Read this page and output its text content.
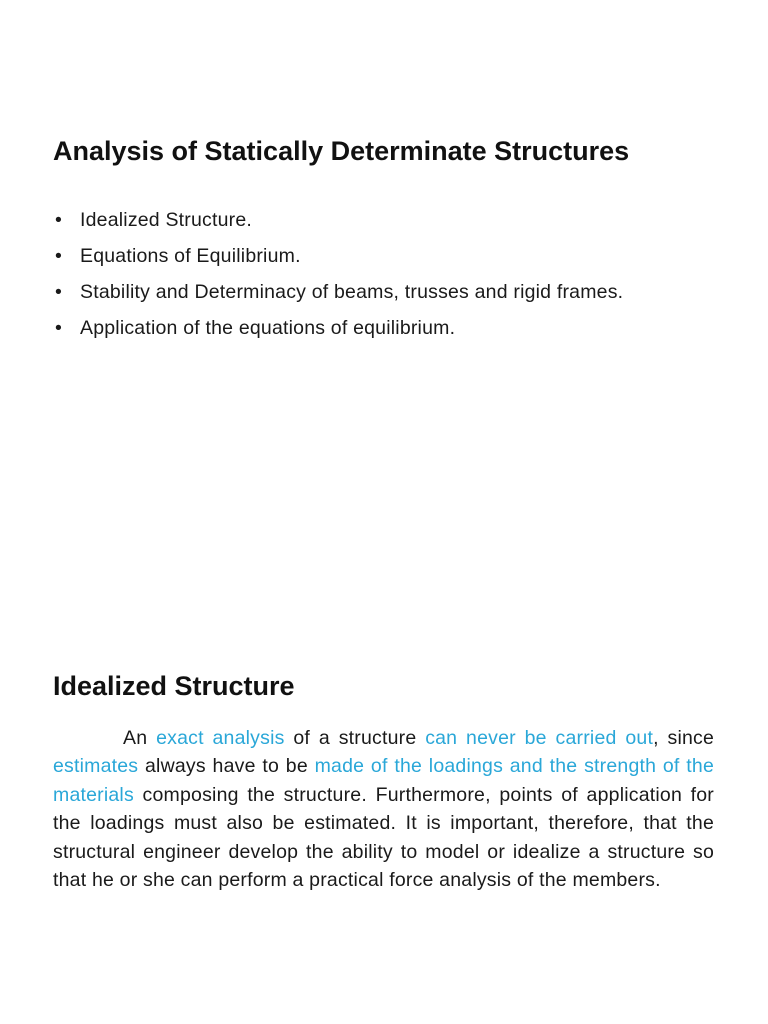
Analysis of Statically Determinate Structures
• Idealized Structure.
• Equations of Equilibrium.
• Stability and Determinacy of beams, trusses and rigid frames.
• Application of the equations of equilibrium.
Idealized Structure

An exact analysis of a structure can never be carried out, since estimates always have to be made of the loadings and the strength of the materials composing the structure. Furthermore, points of application for the loadings must also be estimated. It is important, therefore, that the structural engineer develop the ability to model or idealize a structure so that he or she can perform a practical force analysis of the members.
